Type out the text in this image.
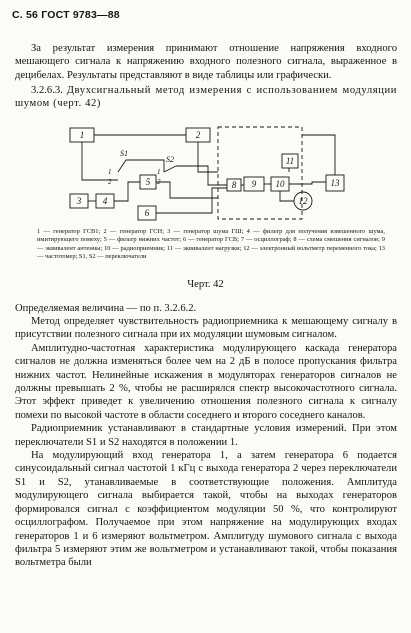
С. 56 ГОСТ 9783—88

За результат измерения принимают отношение напряжения входного мешающего сигнала к напряжению входного полезного сигнала, выраженное в децибелах. Результаты представляют в виде таблицы или графически.

3.2.6.3. Двухсигнальный метод измерения с использованием модуляции шумом (черт. 42)

1	2
3 4
5
6
8 9 10
11
12
13
S1
S2
1
2
1
2
1 — генератор ГСВ1; 2 — генератор ГСН; 3 — генератор шума ГШ; 4 — фильтр для получения взвешенного шума, имитирующего помеху; 5 — фильтр нижних частот; 6 — генератор ГСВ; 7 — осциллограф; 8 — схема смешения сигналов; 9 — эквивалент антенны; 10 — радиоприемник; 11 — эквивалент нагрузки; 12 — электронный вольтметр переменного тока; 13 — частотомер; S1, S2 — переключатели
Черт. 42

Определяемая величина — по п. 3.2.6.2.

Метод определяет чувствительность радиоприемника к мешающему сигналу в присутствии полезного сигнала при их модуляции шумовым сигналом.

Амплитудно-частотная характеристика модулирующего каскада генератора сигналов не должна изменяться более чем на 2 дБ в полосе пропускания фильтра нижних частот. Нелинейные искажения в модуляторах генераторов сигналов не должны превышать 2 %, чтобы не расширялся спектр высокочастотного сигнала. Этот эффект приведет к увеличению отношения полезного сигнала к сигналу помехи по высокой частоте в области соседнего и второго соседнего каналов.

Радиоприемник устанавливают в стандартные условия измерений. При этом переключатели S1 и S2 находятся в положении 1.

На модулирующий вход генератора 1, а затем генератора 6 подается синусоидальный сигнал частотой 1 кГц с выхода генератора 2 через переключатели S1 и S2, утанавливаемые в соответствующие положения. Амплитуда модулирующего сигнала выбирается такой, чтобы на выходах генераторов формировался сигнал с коэффициентом модуляции 50 %, что контролируют осциллографом. Получаемое при этом напряжение на модулирующих входах генераторов 1 и 6 измеряют вольтметром. Амплитуду шумового сигнала с выхода фильтра 5 измеряют этим же вольтметром и устанавливают такой, чтобы показания вольтметра были
